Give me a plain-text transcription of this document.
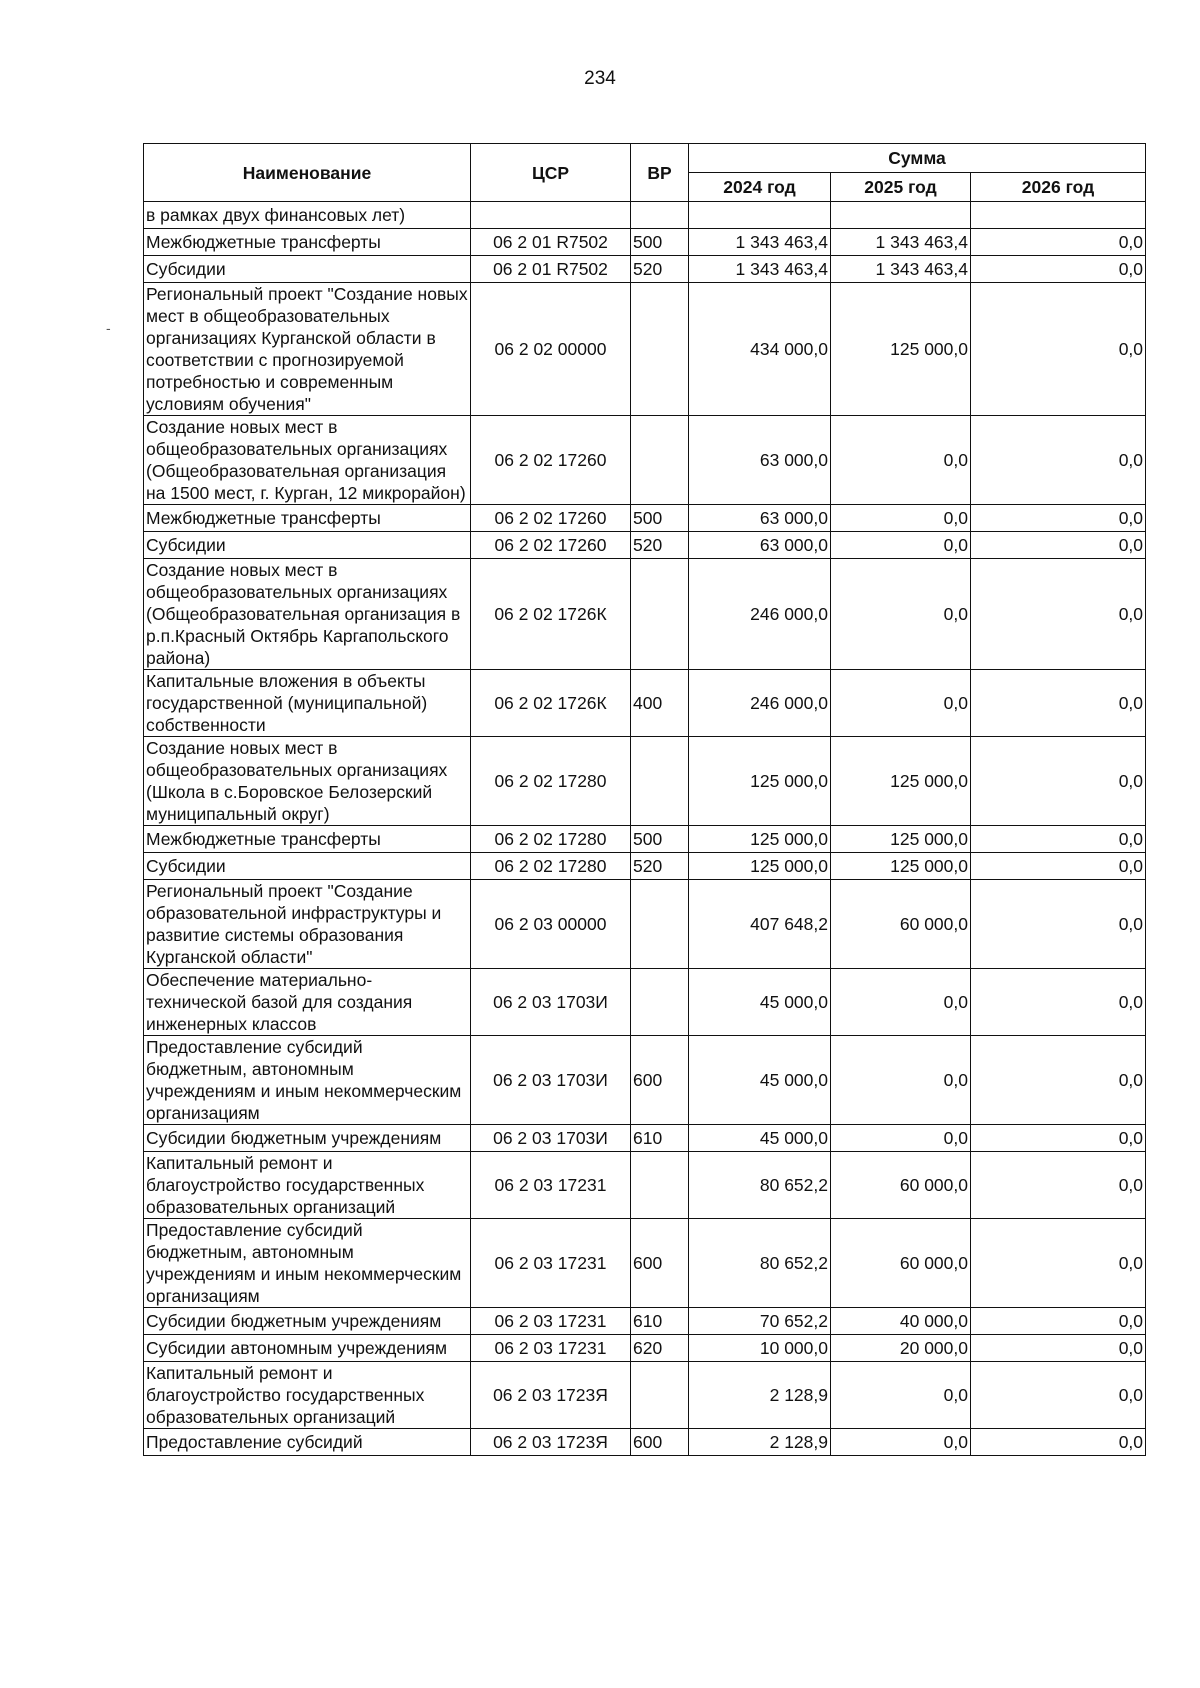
234
-
Наименование	ЦСР	ВР	Сумма		
			2024 год	2025 год	2026 год
в рамках двух финансовых лет)					
Межбюджетные трансферты	06 2 01 R7502	500	1 343 463,4	1 343 463,4	0,0
Субсидии	06 2 01 R7502	520	1 343 463,4	1 343 463,4	0,0
Региональный проект "Создание новых мест в общеобразовательных организациях Курганской области в соответствии с прогнозируемой потребностью и современным условиям обучения"	06 2 02 00000		434 000,0	125 000,0	0,0
Создание новых мест в общеобразовательных организациях (Общеобразовательная организация на 1500 мест, г. Курган, 12 микрорайон)	06 2 02 17260		63 000,0	0,0	0,0
Межбюджетные трансферты	06 2 02 17260	500	63 000,0	0,0	0,0
Субсидии	06 2 02 17260	520	63 000,0	0,0	0,0
Создание новых мест в общеобразовательных организациях (Общеобразовательная организация в р.п.Красный Октябрь Каргапольского района)	06 2 02 1726К		246 000,0	0,0	0,0
Капитальные вложения в объекты государственной (муниципальной) собственности	06 2 02 1726К	400	246 000,0	0,0	0,0
Создание новых мест в общеобразовательных организациях (Школа в с.Боровское Белозерский муниципальный округ)	06 2 02 17280		125 000,0	125 000,0	0,0
Межбюджетные трансферты	06 2 02 17280	500	125 000,0	125 000,0	0,0
Субсидии	06 2 02 17280	520	125 000,0	125 000,0	0,0
Региональный проект "Создание образовательной инфраструктуры и развитие системы образования Курганской области"	06 2 03 00000		407 648,2	60 000,0	0,0
Обеспечение материально-технической базой для создания инженерных классов	06 2 03 1703И		45 000,0	0,0	0,0
Предоставление субсидий бюджетным, автономным учреждениям и иным некоммерческим организациям	06 2 03 1703И	600	45 000,0	0,0	0,0
Субсидии бюджетным учреждениям	06 2 03 1703И	610	45 000,0	0,0	0,0
Капитальный ремонт и благоустройство государственных образовательных организаций	06 2 03 17231		80 652,2	60 000,0	0,0
Предоставление субсидий бюджетным, автономным учреждениям и иным некоммерческим организациям	06 2 03 17231	600	80 652,2	60 000,0	0,0
Субсидии бюджетным учреждениям	06 2 03 17231	610	70 652,2	40 000,0	0,0
Субсидии автономным учреждениям	06 2 03 17231	620	10 000,0	20 000,0	0,0
Капитальный ремонт и благоустройство государственных образовательных организаций	06 2 03 1723Я		2 128,9	0,0	0,0
Предоставление субсидий	06 2 03 1723Я	600	2 128,9	0,0	0,0
